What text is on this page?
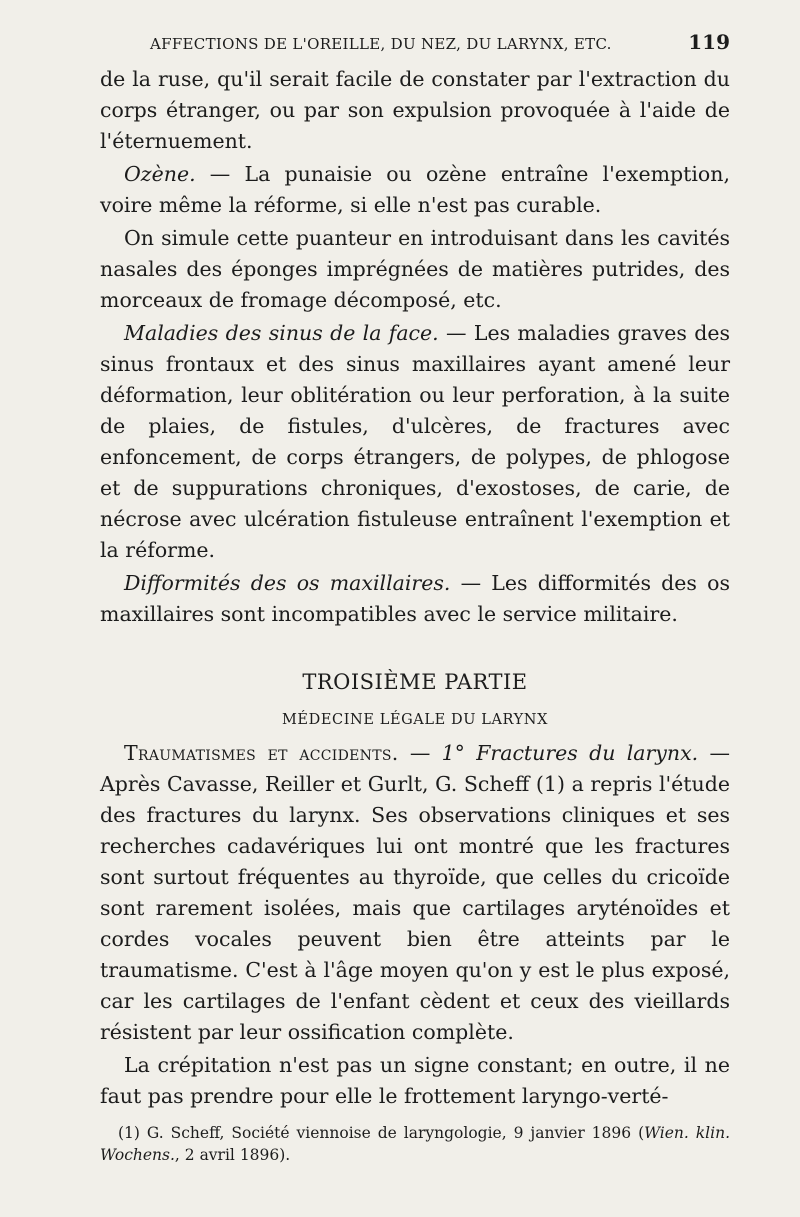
AFFECTIONS DE L'OREILLE, DU NEZ, DU LARYNX, ETC.	119

de la ruse, qu'il serait facile de constater par l'extraction du corps étranger, ou par son expulsion provoquée à l'aide de l'éternuement.

Ozène. — La punaisie ou ozène entraîne l'exemption, voire même la réforme, si elle n'est pas curable.

On simule cette puanteur en introduisant dans les cavités nasales des éponges imprégnées de matières putrides, des morceaux de fromage décomposé, etc.

Maladies des sinus de la face. — Les maladies graves des sinus frontaux et des sinus maxillaires ayant amené leur déformation, leur oblitération ou leur perforation, à la suite de plaies, de fistules, d'ulcères, de fractures avec enfoncement, de corps étrangers, de polypes, de phlogose et de suppurations chroniques, d'exostoses, de carie, de nécrose avec ulcération fistuleuse entraînent l'exemption et la réforme.

Difformités des os maxillaires. — Les difformités des os maxillaires sont incompatibles avec le service militaire.

TROISIÈME PARTIE
MÉDECINE LÉGALE DU LARYNX

Traumatismes et accidents. — 1° Fractures du larynx. — Après Cavasse, Reiller et Gurlt, G. Scheff (1) a repris l'étude des fractures du larynx. Ses observations cliniques et ses recherches cadavériques lui ont montré que les fractures sont surtout fréquentes au thyroïde, que celles du cricoïde sont rarement isolées, mais que cartilages aryténoïdes et cordes vocales peuvent bien être atteints par le traumatisme. C'est à l'âge moyen qu'on y est le plus exposé, car les cartilages de l'enfant cèdent et ceux des vieillards résistent par leur ossification complète.

La crépitation n'est pas un signe constant; en outre, il ne faut pas prendre pour elle le frottement laryngo-verté-

(1) G. Scheff, Société viennoise de laryngologie, 9 janvier 1896 (Wien. klin. Wochens., 2 avril 1896).
